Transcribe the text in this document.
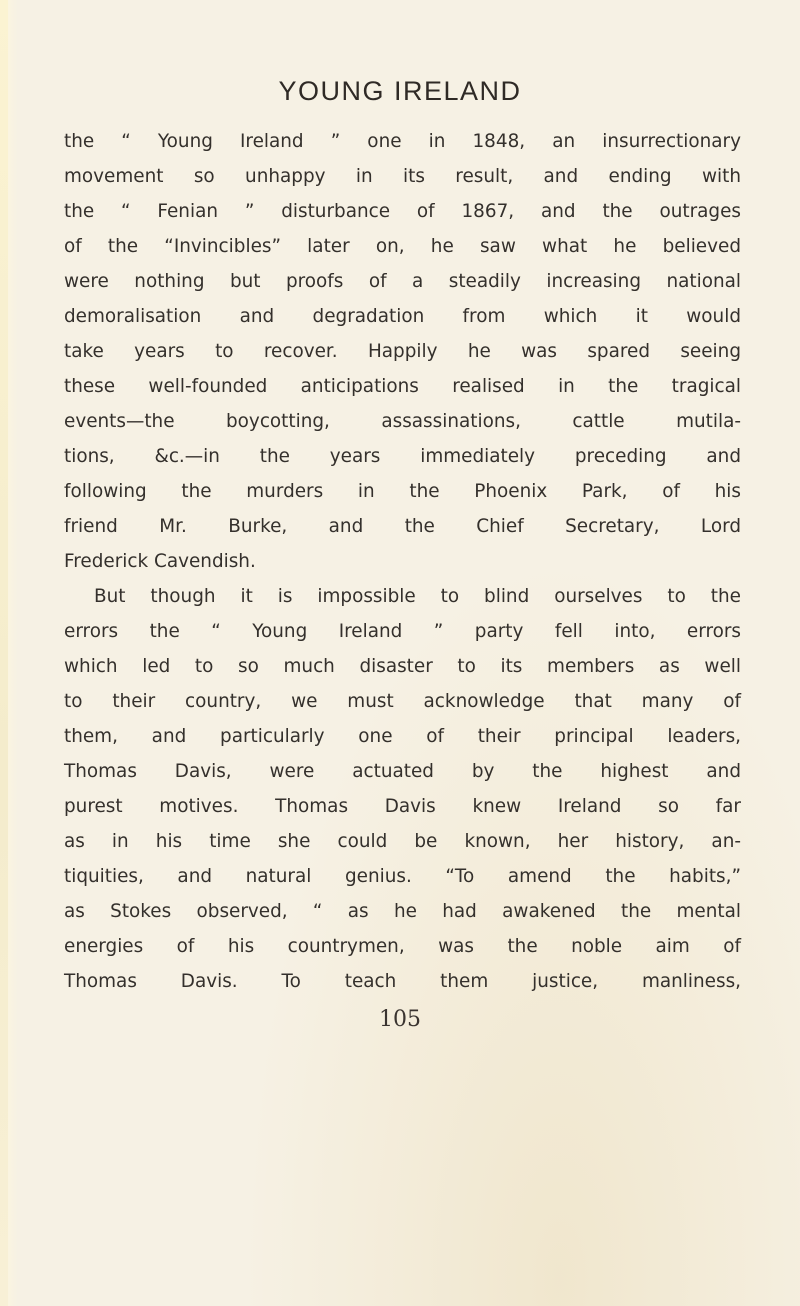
YOUNG IRELAND
the “ Young Ireland ” one in 1848, an insurrectionary
movement so unhappy in its result, and ending with
the “ Fenian ” disturbance of 1867, and the outrages
of the “Invincibles” later on, he saw what he believed
were nothing but proofs of a steadily increasing national
demoralisation and degradation from which it would
take years to recover. Happily he was spared seeing
these well-founded anticipations realised in the tragical
events—the boycotting, assassinations, cattle mutila-
tions, &c.—in the years immediately preceding and
following the murders in the Phoenix Park, of his
friend Mr. Burke, and the Chief Secretary, Lord
Frederick Cavendish.
But though it is impossible to blind ourselves to the
errors the “ Young Ireland ” party fell into, errors
which led to so much disaster to its members as well
to their country, we must acknowledge that many of
them, and particularly one of their principal leaders,
Thomas Davis, were actuated by the highest and
purest motives. Thomas Davis knew Ireland so far
as in his time she could be known, her history, an-
tiquities, and natural genius. “To amend the habits,”
as Stokes observed, “ as he had awakened the mental
energies of his countrymen, was the noble aim of
Thomas Davis. To teach them justice, manliness,
105
